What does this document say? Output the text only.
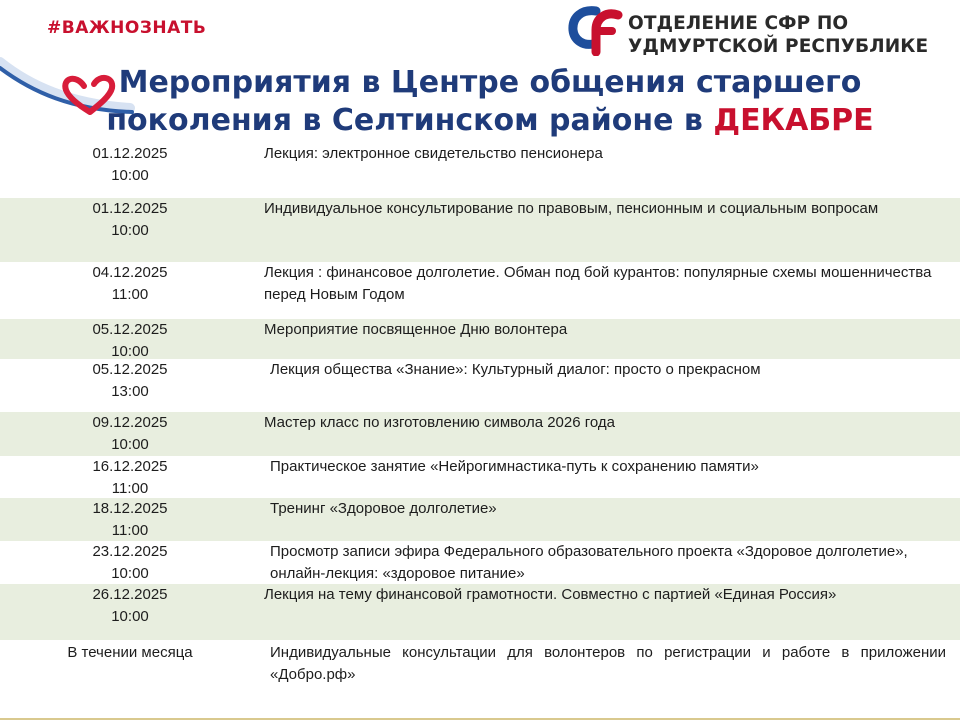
#ВАЖНОЗНАТЬ	ОТДЕЛЕНИЕ СФР ПО
УДМУРТСКОЙ РЕСПУБЛИКЕ
Мероприятия в Центре общения старшего
поколения в Селтинском районе в ДЕКАБРЕ
01.12.2025
10:00
Лекция: электронное свидетельство пенсионера
01.12.2025
10:00
Индивидуальное консультирование по правовым, пенсионным и социальным вопросам
04.12.2025
11:00
Лекция : финансовое долголетие. Обман под бой курантов: популярные схемы мошенничества перед Новым Годом
05.12.2025
10:00
Мероприятие посвященное Дню волонтера
05.12.2025
13:00
Лекция общества «Знание»: Культурный диалог: просто о прекрасном
09.12.2025
10:00
Мастер класс по изготовлению символа 2026 года
16.12.2025
11:00
Практическое занятие «Нейрогимнастика-путь к сохранению памяти»
18.12.2025
11:00
Тренинг «Здоровое долголетие»
23.12.2025
10:00
Просмотр записи эфира Федерального образовательного проекта «Здоровое долголетие», онлайн-лекция: «здоровое питание»
26.12.2025
10:00
Лекция на тему финансовой грамотности. Совместно с партией «Единая Россия»
В течении месяца	Индивидуальные консультации для волонтеров по регистрации и работе в приложении «Добро.рф»
